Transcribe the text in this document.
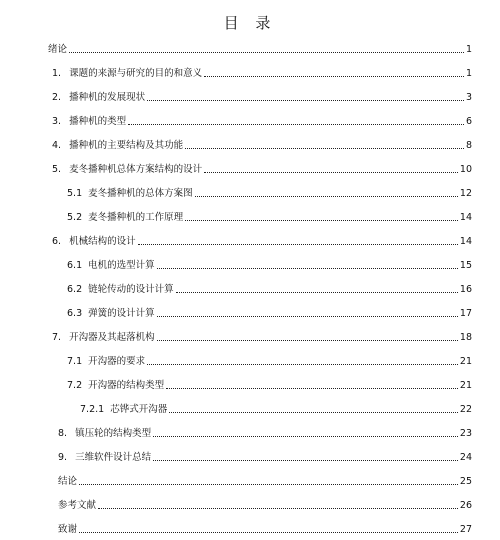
目 录
绪论	1
1. 课题的来源与研究的目的和意义	1
2. 播种机的发展现状	3
3. 播种机的类型	6
4. 播种机的主要结构及其功能	8
5. 麦冬播种机总体方案结构的设计	10
5.1 麦冬播种机的总体方案图	12
5.2 麦冬播种机的工作原理	14
6. 机械结构的设计	14
6.1 电机的选型计算	15
6.2 链轮传动的设计计算	16
6.3 弹簧的设计计算	17
7. 开沟器及其起落机构	18
7.1 开沟器的要求	21
7.2 开沟器的结构类型	21
7.2.1 芯铧式开沟器	22
8. 镇压轮的结构类型	23
9. 三维软件设计总结	24
结论	25
参考文献	26
致谢	27
